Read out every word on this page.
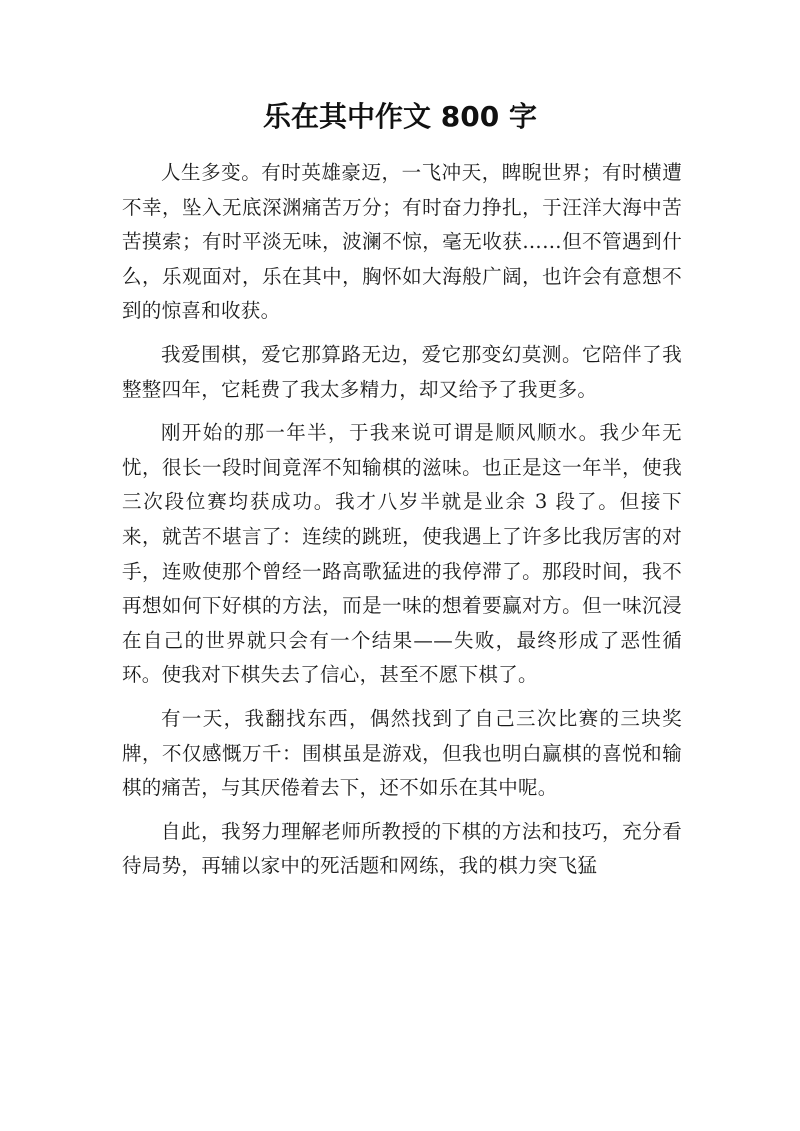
乐在其中作文 800 字

人生多变。有时英雄豪迈，一飞冲天，睥睨世界；有时横遭不幸，坠入无底深渊痛苦万分；有时奋力挣扎，于汪洋大海中苦苦摸索；有时平淡无味，波澜不惊，毫无收获……但不管遇到什么，乐观面对，乐在其中，胸怀如大海般广阔，也许会有意想不到的惊喜和收获。

我爱围棋，爱它那算路无边，爱它那变幻莫测。它陪伴了我整整四年，它耗费了我太多精力，却又给予了我更多。

刚开始的那一年半，于我来说可谓是顺风顺水。我少年无忧，很长一段时间竟浑不知输棋的滋味。也正是这一年半，使我三次段位赛均获成功。我才八岁半就是业余 3 段了。但接下来，就苦不堪言了：连续的跳班，使我遇上了许多比我厉害的对手，连败使那个曾经一路高歌猛进的我停滞了。那段时间，我不再想如何下好棋的方法，而是一味的想着要赢对方。但一味沉浸在自己的世界就只会有一个结果——失败，最终形成了恶性循环。使我对下棋失去了信心，甚至不愿下棋了。

有一天，我翻找东西，偶然找到了自己三次比赛的三块奖牌，不仅感慨万千：围棋虽是游戏，但我也明白赢棋的喜悦和输棋的痛苦，与其厌倦着去下，还不如乐在其中呢。

自此，我努力理解老师所教授的下棋的方法和技巧，充分看待局势，再辅以家中的死活题和网练，我的棋力突飞猛
